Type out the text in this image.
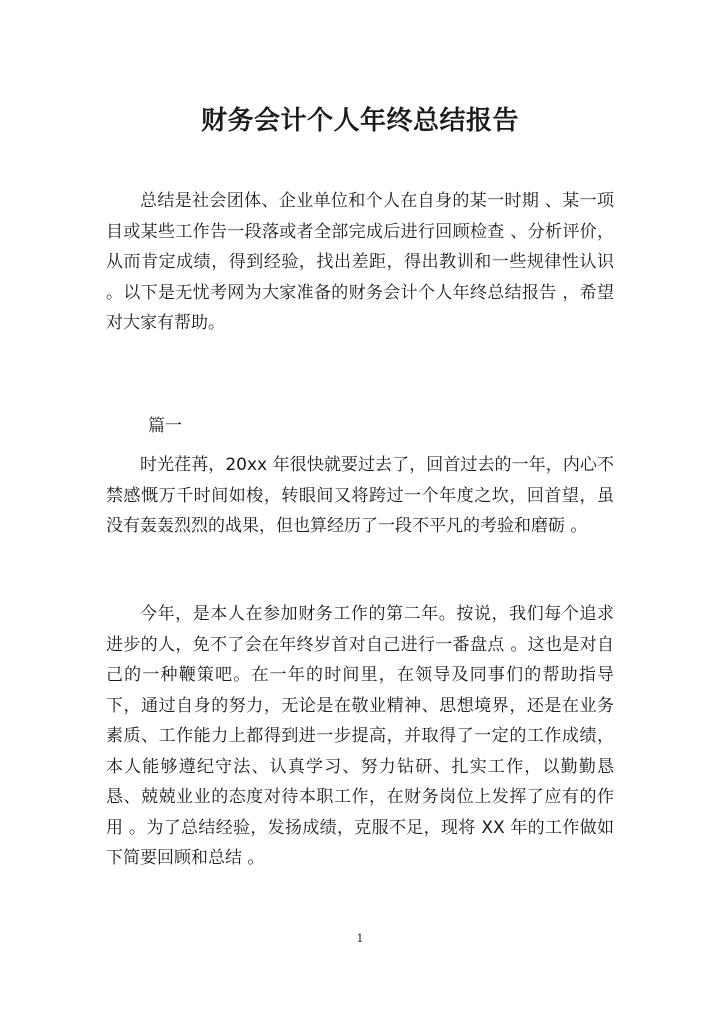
财务会计个人年终总结报告

总结是社会团体、企业单位和个人在自身的某一时期 、某一项目或某些工作告一段落或者全部完成后进行回顾检查 、分析评价，从而肯定成绩，得到经验，找出差距，得出教训和一些规律性认识 。以下是无忧考网为大家准备的财务会计个人年终总结报告 ，希望对大家有帮助。

篇一

时光荏苒，20xx 年很快就要过去了，回首过去的一年，内心不禁感慨万千时间如梭，转眼间又将跨过一个年度之坎，回首望，虽没有轰轰烈烈的战果，但也算经历了一段不平凡的考验和磨砺 。

今年，是本人在参加财务工作的第二年。按说，我们每个追求进步的人，免不了会在年终岁首对自己进行一番盘点 。这也是对自己的一种鞭策吧。在一年的时间里，在领导及同事们的帮助指导下，通过自身的努力，无论是在敬业精神、思想境界，还是在业务素质、工作能力上都得到进一步提高，并取得了一定的工作成绩，本人能够遵纪守法、认真学习、努力钻研、扎实工作，以勤勤恳恳、兢兢业业的态度对待本职工作，在财务岗位上发挥了应有的作用 。为了总结经验，发扬成绩，克服不足，现将 XX 年的工作做如下简要回顾和总结 。

1
